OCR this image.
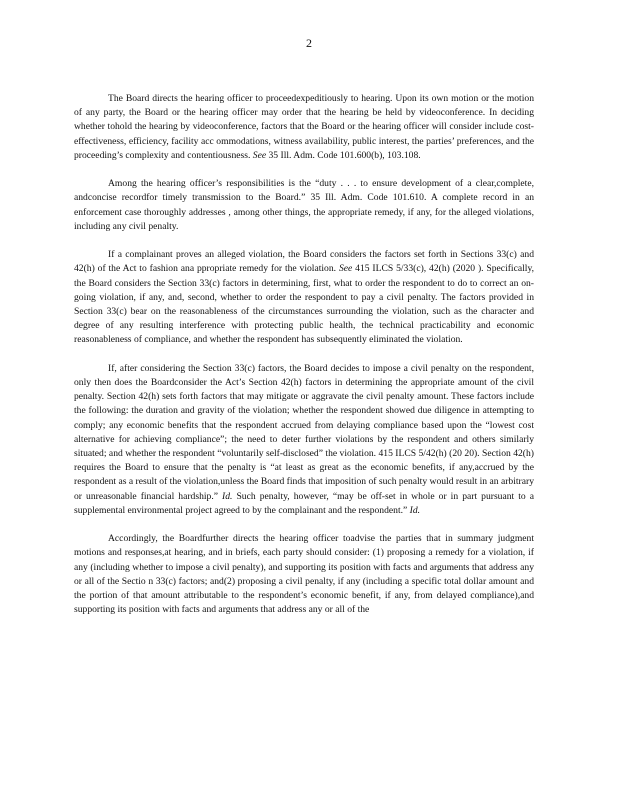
2

The Board directs the hearing officer to proceedexpeditiously to hearing. Upon its own motion or the motion of any party, the Board or the hearing officer may order that the hearing be held by videoconference. In deciding whether tohold the hearing by videoconference, factors that the Board or the hearing officer will consider include cost-effectiveness, efficiency, facility acc ommodations, witness availability, public interest, the parties’ preferences, and the proceeding’s complexity and contentiousness. See 35 Ill. Adm. Code 101.600(b), 103.108.

Among the hearing officer’s responsibilities is the “duty . . . to ensure development of a clear,complete, andconcise recordfor timely transmission to the Board.” 35 Ill. Adm. Code 101.610. A complete record in an enforcement case thoroughly addresses , among other things, the appropriate remedy, if any, for the alleged violations, including any civil penalty.

If a complainant proves an alleged violation, the Board considers the factors set forth in Sections 33(c) and 42(h) of the Act to fashion ana ppropriate remedy for the violation. See 415 ILCS 5/33(c), 42(h) (2020 ). Specifically, the Board considers the Section 33(c) factors in determining, first, what to order the respondent to do to correct an on-going violation, if any, and, second, whether to order the respondent to pay a civil penalty. The factors provided in Section 33(c) bear on the reasonableness of the circumstances surrounding the violation, such as the character and degree of any resulting interference with protecting public health, the technical practicability and economic reasonableness of compliance, and whether the respondent has subsequently eliminated the violation.

If, after considering the Section 33(c) factors, the Board decides to impose a civil penalty on the respondent, only then does the Boardconsider the Act’s Section 42(h) factors in determining the appropriate amount of the civil penalty. Section 42(h) sets forth factors that may mitigate or aggravate the civil penalty amount. These factors include the following: the duration and gravity of the violation; whether the respondent showed due diligence in attempting to comply; any economic benefits that the respondent accrued from delaying compliance based upon the “lowest cost alternative for achieving compliance”; the need to deter further violations by the respondent and others similarly situated; and whether the respondent “voluntarily self-disclosed” the violation. 415 ILCS 5/42(h) (20 20). Section 42(h) requires the Board to ensure that the penalty is “at least as great as the economic benefits, if any,accrued by the respondent as a result of the violation,unless the Board finds that imposition of such penalty would result in an arbitrary or unreasonable financial hardship.” Id. Such penalty, however, “may be off-set in whole or in part pursuant to a supplemental environmental project agreed to by the complainant and the respondent.” Id.

Accordingly, the Boardfurther directs the hearing officer toadvise the parties that in summary judgment motions and responses,at hearing, and in briefs, each party should consider: (1) proposing a remedy for a violation, if any (including whether to impose a civil penalty), and supporting its position with facts and arguments that address any or all of the Sectio n 33(c) factors; and(2) proposing a civil penalty, if any (including a specific total dollar amount and the portion of that amount attributable to the respondent’s economic benefit, if any, from delayed compliance),and supporting its position with facts and arguments that address any or all of the
